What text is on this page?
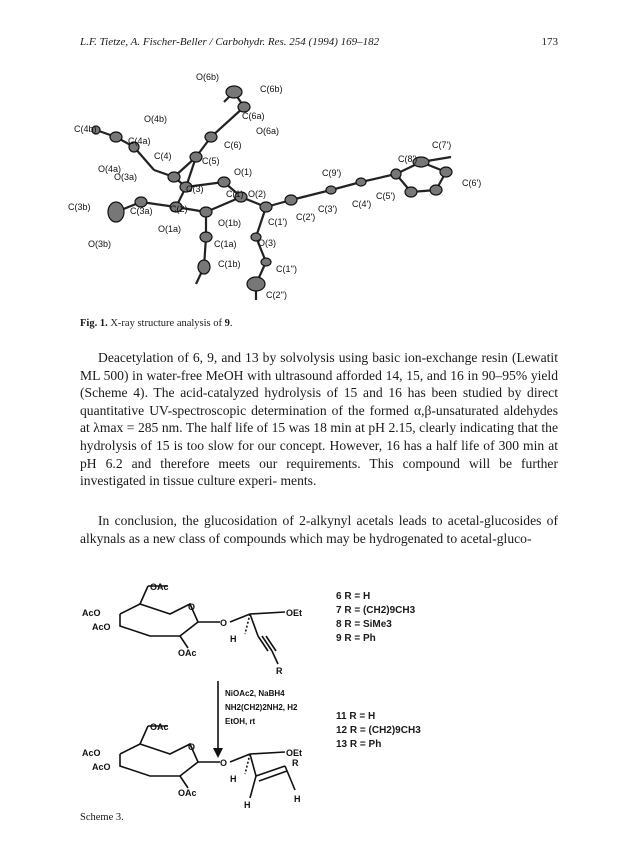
L.F. Tietze, A. Fischer-Beller / Carbohydr. Res. 254 (1994) 169–182	173
O(6b)
C(6b)
C(6a)
O(6a)
C(6)
O(4b)
C(4b)
C(4a)
C(4)	C(5)
O(1)
O(4a)
O(3a)
C(3)	C(1) O(2)
C(3b)	C(3a) C(2)
O(1b)	C(1') C(2')
C(3') C(4')
C(5')
C(6')
C(7')
C(8')
C(9')
O(1a)
C(1a) O(3)
O(3b)
C(1b)	C(1'')
C(2'')
Fig. 1. X-ray structure analysis of 9.
Deacetylation of 6, 9, and 13 by solvolysis using basic ion-exchange resin (Lewatit ML 500) in water-free MeOH with ultrasound afforded 14, 15, and 16 in 90–95% yield (Scheme 4). The acid-catalyzed hydrolysis of 15 and 16 has been studied by direct quantitative UV-spectroscopic determination of the formed α,β-unsaturated aldehydes at λmax = 285 nm. The half life of 15 was 18 min at pH 2.15, clearly indicating that the hydrolysis of 15 is too slow for our concept. However, 16 has a half life of 300 min at pH 6.2 and therefore meets our requirements. This compound will be further investigated in tissue culture experi- ments.
In conclusion, the glucosidation of 2-alkynyl acetals leads to acetal-glucosides of alkynals as a new class of compounds which may be hydrogenated to acetal-gluco-
OAc
AcO
AcO
O
O
OEt
OAc
H
R
NiOAc2, NaBH4
NH2(CH2)2NH2, H2
EtOH, rt
OAc
AcO
AcO
O
O
OEt
OAc
H
H
H
R
6 R = H
7 R = (CH2)9CH3
8 R = SiMe3
9 R = Ph
11 R = H
12 R = (CH2)9CH3
13 R = Ph
Scheme 3.
